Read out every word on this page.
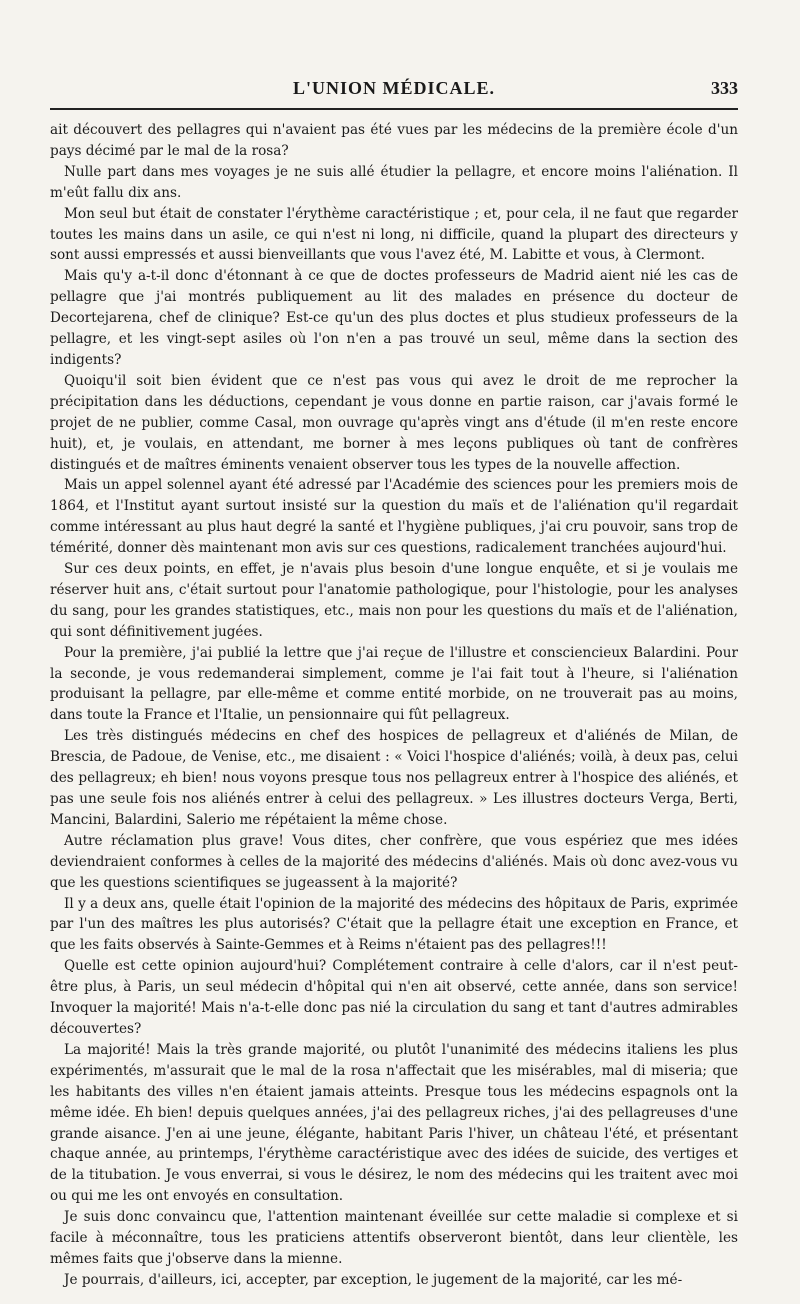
L'UNION MÉDICALE.	333

ait découvert des pellagres qui n'avaient pas été vues par les médecins de la première école d'un pays décimé par le mal de la rosa?

Nulle part dans mes voyages je ne suis allé étudier la pellagre, et encore moins l'aliénation. Il m'eût fallu dix ans.

Mon seul but était de constater l'érythème caractéristique ; et, pour cela, il ne faut que regarder toutes les mains dans un asile, ce qui n'est ni long, ni difficile, quand la plupart des directeurs y sont aussi empressés et aussi bienveillants que vous l'avez été, M. Labitte et vous, à Clermont.

Mais qu'y a-t-il donc d'étonnant à ce que de doctes professeurs de Madrid aient nié les cas de pellagre que j'ai montrés publiquement au lit des malades en présence du docteur de Decortejarena, chef de clinique? Est-ce qu'un des plus doctes et plus studieux professeurs de la pellagre, et les vingt-sept asiles où l'on n'en a pas trouvé un seul, même dans la section des indigents?

Quoiqu'il soit bien évident que ce n'est pas vous qui avez le droit de me reprocher la précipitation dans les déductions, cependant je vous donne en partie raison, car j'avais formé le projet de ne publier, comme Casal, mon ouvrage qu'après vingt ans d'étude (il m'en reste encore huit), et, je voulais, en attendant, me borner à mes leçons publiques où tant de confrères distingués et de maîtres éminents venaient observer tous les types de la nouvelle affection.

Mais un appel solennel ayant été adressé par l'Académie des sciences pour les premiers mois de 1864, et l'Institut ayant surtout insisté sur la question du maïs et de l'aliénation qu'il regardait comme intéressant au plus haut degré la santé et l'hygiène publiques, j'ai cru pouvoir, sans trop de témérité, donner dès maintenant mon avis sur ces questions, radicalement tranchées aujourd'hui.

Sur ces deux points, en effet, je n'avais plus besoin d'une longue enquête, et si je voulais me réserver huit ans, c'était surtout pour l'anatomie pathologique, pour l'histologie, pour les analyses du sang, pour les grandes statistiques, etc., mais non pour les questions du maïs et de l'aliénation, qui sont définitivement jugées.

Pour la première, j'ai publié la lettre que j'ai reçue de l'illustre et consciencieux Balardini. Pour la seconde, je vous redemanderai simplement, comme je l'ai fait tout à l'heure, si l'aliénation produisant la pellagre, par elle-même et comme entité morbide, on ne trouverait pas au moins, dans toute la France et l'Italie, un pensionnaire qui fût pellagreux.

Les très distingués médecins en chef des hospices de pellagreux et d'aliénés de Milan, de Brescia, de Padoue, de Venise, etc., me disaient : « Voici l'hospice d'aliénés; voilà, à deux pas, celui des pellagreux; eh bien! nous voyons presque tous nos pellagreux entrer à l'hospice des aliénés, et pas une seule fois nos aliénés entrer à celui des pellagreux. » Les illustres docteurs Verga, Berti, Mancini, Balardini, Salerio me répétaient la même chose.

Autre réclamation plus grave! Vous dites, cher confrère, que vous espériez que mes idées deviendraient conformes à celles de la majorité des médecins d'aliénés. Mais où donc avez-vous vu que les questions scientifiques se jugeassent à la majorité?

Il y a deux ans, quelle était l'opinion de la majorité des médecins des hôpitaux de Paris, exprimée par l'un des maîtres les plus autorisés? C'était que la pellagre était une exception en France, et que les faits observés à Sainte-Gemmes et à Reims n'étaient pas des pellagres!!!

Quelle est cette opinion aujourd'hui? Complétement contraire à celle d'alors, car il n'est peut-être plus, à Paris, un seul médecin d'hôpital qui n'en ait observé, cette année, dans son service! Invoquer la majorité! Mais n'a-t-elle donc pas nié la circulation du sang et tant d'autres admirables découvertes?

La majorité! Mais la très grande majorité, ou plutôt l'unanimité des médecins italiens les plus expérimentés, m'assurait que le mal de la rosa n'affectait que les misérables, mal di miseria; que les habitants des villes n'en étaient jamais atteints. Presque tous les médecins espagnols ont la même idée. Eh bien! depuis quelques années, j'ai des pellagreux riches, j'ai des pellagreuses d'une grande aisance. J'en ai une jeune, élégante, habitant Paris l'hiver, un château l'été, et présentant chaque année, au printemps, l'érythème caractéristique avec des idées de suicide, des vertiges et de la titubation. Je vous enverrai, si vous le désirez, le nom des médecins qui les traitent avec moi ou qui me les ont envoyés en consultation.

Je suis donc convaincu que, l'attention maintenant éveillée sur cette maladie si complexe et si facile à méconnaître, tous les praticiens attentifs observeront bientôt, dans leur clientèle, les mêmes faits que j'observe dans la mienne.

Je pourrais, d'ailleurs, ici, accepter, par exception, le jugement de la majorité, car les mé-
